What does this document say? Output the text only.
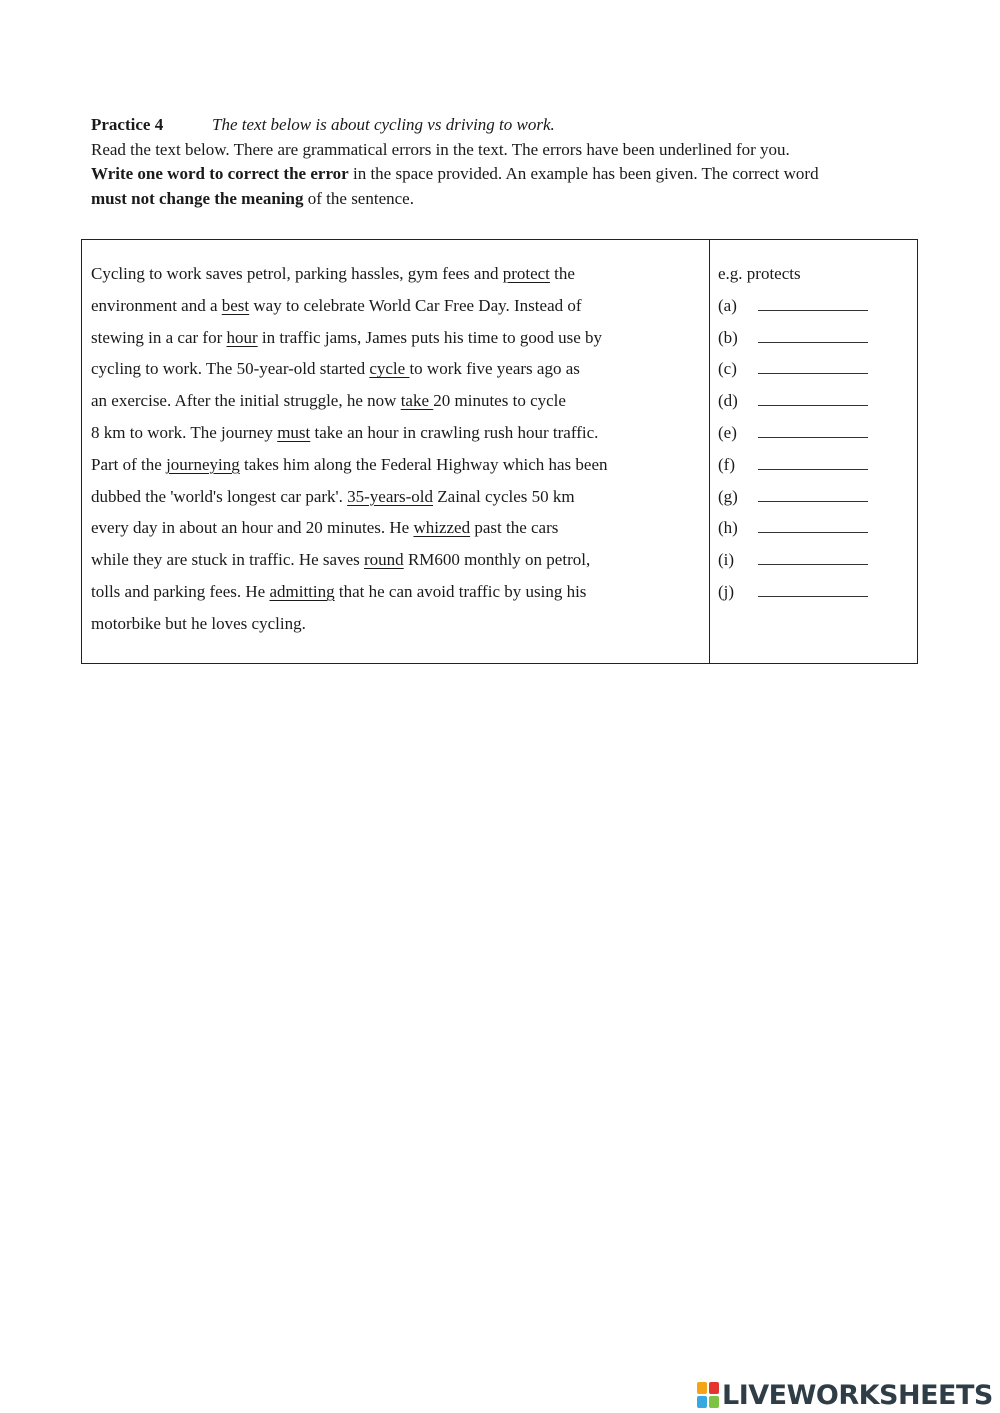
Practice 4	The text below is about cycling vs driving to work.
Read the text below. There are grammatical errors in the text. The errors have been underlined for you.
Write one word to correct the error in the space provided. An example has been given. The correct word
must not change the meaning of the sentence.
Cycling to work saves petrol, parking hassles, gym fees and protect the
environment and a best way to celebrate World Car Free Day. Instead of
stewing in a car for hour in traffic jams, James puts his time to good use by
cycling to work. The 50-year-old started cycle to work five years ago as
an exercise. After the initial struggle, he now take 20 minutes to cycle
8 km to work. The journey must take an hour in crawling rush hour traffic.
Part of the journeying takes him along the Federal Highway which has been
dubbed the 'world's longest car park'. 35-years-old Zainal cycles 50 km
every day in about an hour and 20 minutes. He whizzed past the cars
while they are stuck in traffic. He saves round RM600 monthly on petrol,
tolls and parking fees. He admitting that he can avoid traffic by using his
motorbike but he loves cycling.
e.g. protects
(a)
(b)
(c)
(d)
(e)
(f)
(g)
(h)
(i)
(j)
LIVEWORKSHEETS
